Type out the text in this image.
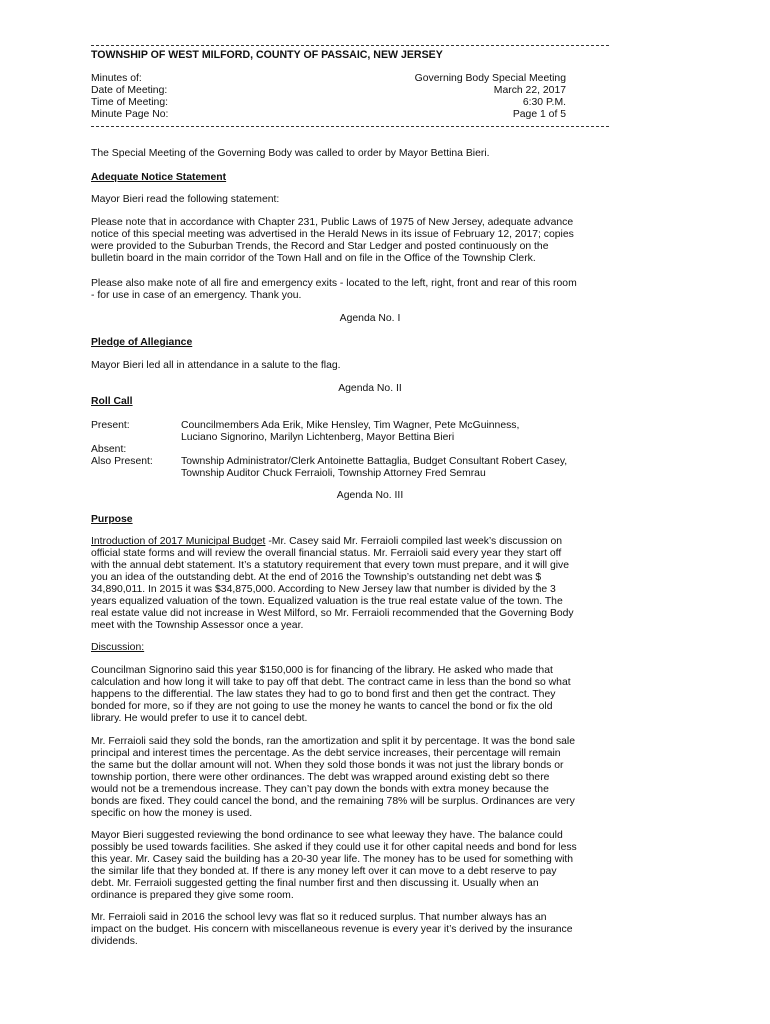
TOWNSHIP OF WEST MILFORD, COUNTY OF PASSAIC, NEW JERSEY
Minutes of:	Governing Body Special Meeting
Date of Meeting:	March 22, 2017
Time of Meeting:	6:30 P.M.
Minute Page No:	Page 1 of 5
The Special Meeting of the Governing Body was called to order by Mayor Bettina Bieri.
Adequate Notice Statement
Mayor Bieri read the following statement:
Please note that in accordance with Chapter 231, Public Laws of 1975 of New Jersey, adequate advance
notice of this special meeting was advertised in the Herald News in its issue of February 12, 2017; copies
were provided to the Suburban Trends, the Record and Star Ledger and posted continuously on the
bulletin board in the main corridor of the Town Hall and on file in the Office of the Township Clerk.
Please also make note of all fire and emergency exits - located to the left, right, front and rear of this room
- for use in case of an emergency. Thank you.
Agenda No. I
Pledge of Allegiance
Mayor Bieri led all in attendance in a salute to the flag.
Agenda No. II
Roll Call
Present:	Councilmembers Ada Erik, Mike Hensley, Tim Wagner, Pete McGuinness,
Luciano Signorino, Marilyn Lichtenberg, Mayor Bettina Bieri
Absent:
Also Present:	Township Administrator/Clerk Antoinette Battaglia, Budget Consultant Robert Casey,
Township Auditor Chuck Ferraioli, Township Attorney Fred Semrau
Agenda No. III
Purpose
Introduction of 2017 Municipal Budget -Mr. Casey said Mr. Ferraioli compiled last week’s discussion on
official state forms and will review the overall financial status. Mr. Ferraioli said every year they start off
with the annual debt statement. It’s a statutory requirement that every town must prepare, and it will give
you an idea of the outstanding debt. At the end of 2016 the Township’s outstanding net debt was $
34,890,011. In 2015 it was $34,875,000. According to New Jersey law that number is divided by the 3
years equalized valuation of the town. Equalized valuation is the true real estate value of the town. The
real estate value did not increase in West Milford, so Mr. Ferraioli recommended that the Governing Body
meet with the Township Assessor once a year.
Discussion:
Councilman Signorino said this year $150,000 is for financing of the library. He asked who made that
calculation and how long it will take to pay off that debt. The contract came in less than the bond so what
happens to the differential. The law states they had to go to bond first and then get the contract. They
bonded for more, so if they are not going to use the money he wants to cancel the bond or fix the old
library. He would prefer to use it to cancel debt.
Mr. Ferraioli said they sold the bonds, ran the amortization and split it by percentage. It was the bond sale
principal and interest times the percentage. As the debt service increases, their percentage will remain
the same but the dollar amount will not. When they sold those bonds it was not just the library bonds or
township portion, there were other ordinances. The debt was wrapped around existing debt so there
would not be a tremendous increase. They can’t pay down the bonds with extra money because the
bonds are fixed. They could cancel the bond, and the remaining 78% will be surplus. Ordinances are very
specific on how the money is used.
Mayor Bieri suggested reviewing the bond ordinance to see what leeway they have. The balance could
possibly be used towards facilities. She asked if they could use it for other capital needs and bond for less
this year. Mr. Casey said the building has a 20-30 year life. The money has to be used for something with
the similar life that they bonded at. If there is any money left over it can move to a debt reserve to pay
debt. Mr. Ferraioli suggested getting the final number first and then discussing it. Usually when an
ordinance is prepared they give some room.
Mr. Ferraioli said in 2016 the school levy was flat so it reduced surplus. That number always has an
impact on the budget. His concern with miscellaneous revenue is every year it’s derived by the insurance
dividends.
